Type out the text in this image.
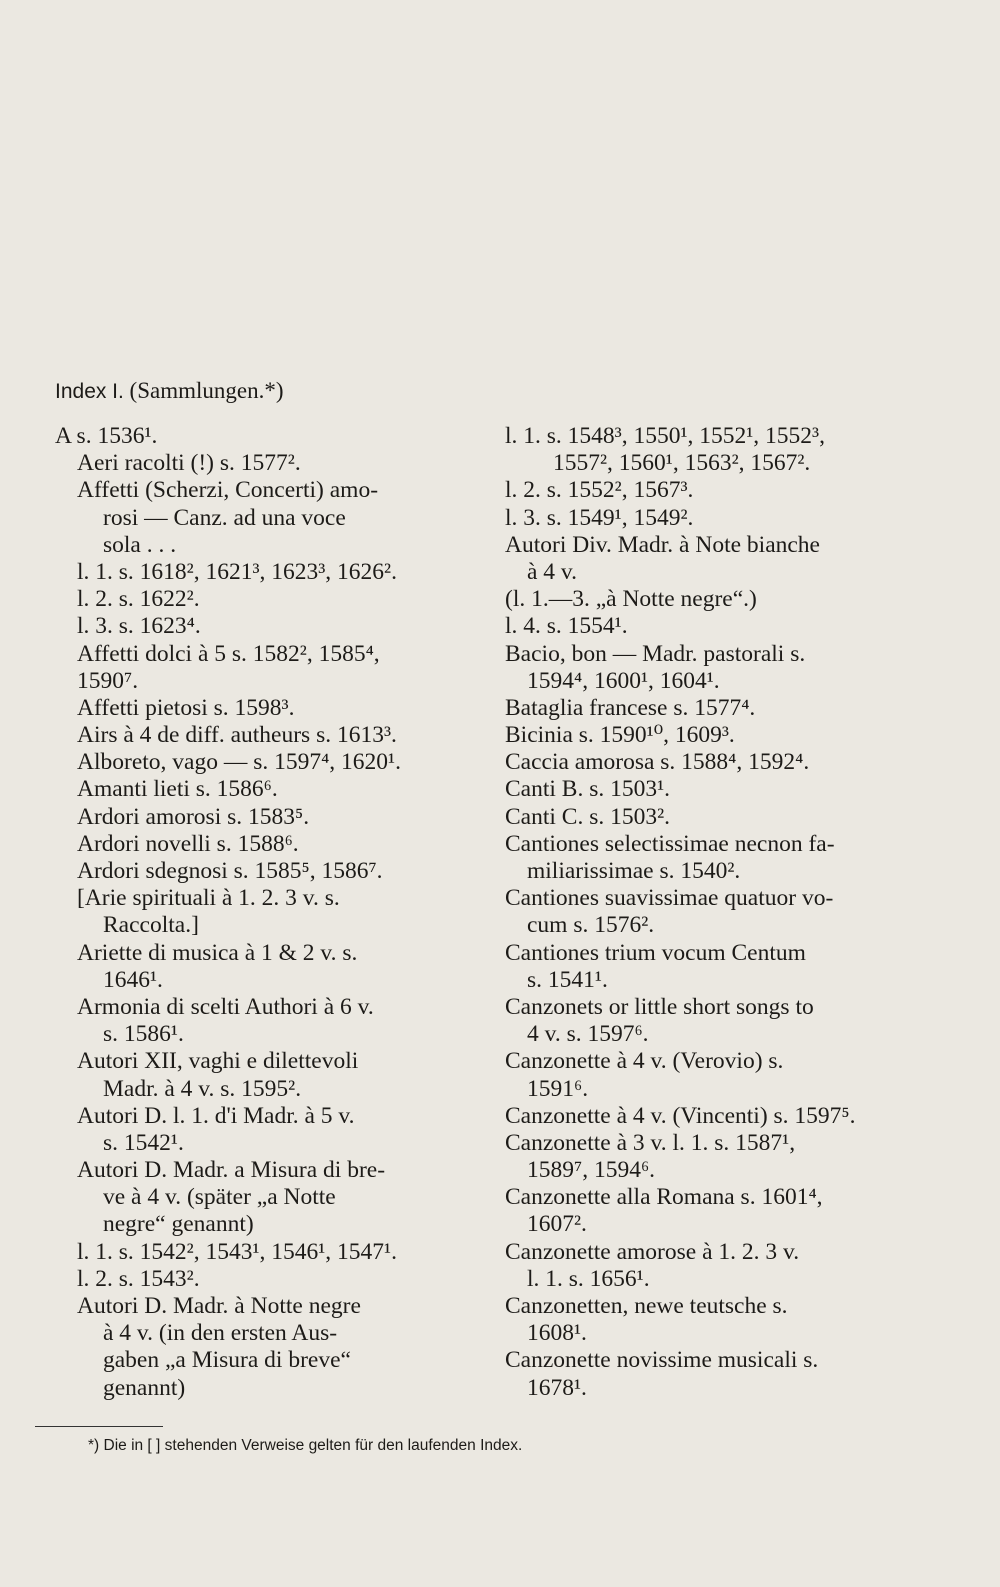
Index I. (Sammlungen.*)
A s. 1536¹.
Aeri racolti (!) s. 1577².
Affetti (Scherzi, Concerti) amo-
rosi — Canz. ad una voce
sola . . .
l. 1. s. 1618², 1621³, 1623³, 1626².
l. 2. s. 1622².
l. 3. s. 1623⁴.
Affetti dolci à 5 s. 1582², 1585⁴,
1590⁷.
Affetti pietosi s. 1598³.
Airs à 4 de diff. autheurs s. 1613³.
Alboreto, vago — s. 1597⁴, 1620¹.
Amanti lieti s. 1586⁶.
Ardori amorosi s. 1583⁵.
Ardori novelli s. 1588⁶.
Ardori sdegnosi s. 1585⁵, 1586⁷.
[Arie spirituali à 1. 2. 3 v. s.
Raccolta.]
Ariette di musica à 1 & 2 v. s.
1646¹.
Armonia di scelti Authori à 6 v.
s. 1586¹.
Autori XII, vaghi e dilettevoli
Madr. à 4 v. s. 1595².
Autori D. l. 1. d'i Madr. à 5 v.
s. 1542¹.
Autori D. Madr. a Misura di bre-
ve à 4 v. (später „a Notte
negre“ genannt)
l. 1. s. 1542², 1543¹, 1546¹, 1547¹.
l. 2. s. 1543².
Autori D. Madr. à Notte negre
à 4 v. (in den ersten Aus-
gaben „a Misura di breve“
genannt)
l. 1. s. 1548³, 1550¹, 1552¹, 1552³,
1557², 1560¹, 1563², 1567².
l. 2. s. 1552², 1567³.
l. 3. s. 1549¹, 1549².
Autori Div. Madr. à Note bianche
à 4 v.
(l. 1.—3. „à Notte negre“.)
l. 4. s. 1554¹.
Bacio, bon — Madr. pastorali s.
1594⁴, 1600¹, 1604¹.
Bataglia francese s. 1577⁴.
Bicinia s. 1590¹⁰, 1609³.
Caccia amorosa s. 1588⁴, 1592⁴.
Canti B. s. 1503¹.
Canti C. s. 1503².
Cantiones selectissimae necnon fa-
miliarissimae s. 1540².
Cantiones suavissimae quatuor vo-
cum s. 1576².
Cantiones trium vocum Centum
s. 1541¹.
Canzonets or little short songs to
4 v. s. 1597⁶.
Canzonette à 4 v. (Verovio) s.
1591⁶.
Canzonette à 4 v. (Vincenti) s. 1597⁵.
Canzonette à 3 v. l. 1. s. 1587¹,
1589⁷, 1594⁶.
Canzonette alla Romana s. 1601⁴,
1607².
Canzonette amorose à 1. 2. 3 v.
l. 1. s. 1656¹.
Canzonetten, newe teutsche s.
1608¹.
Canzonette novissime musicali s.
1678¹.
*) Die in [ ] stehenden Verweise gelten für den laufenden Index.
